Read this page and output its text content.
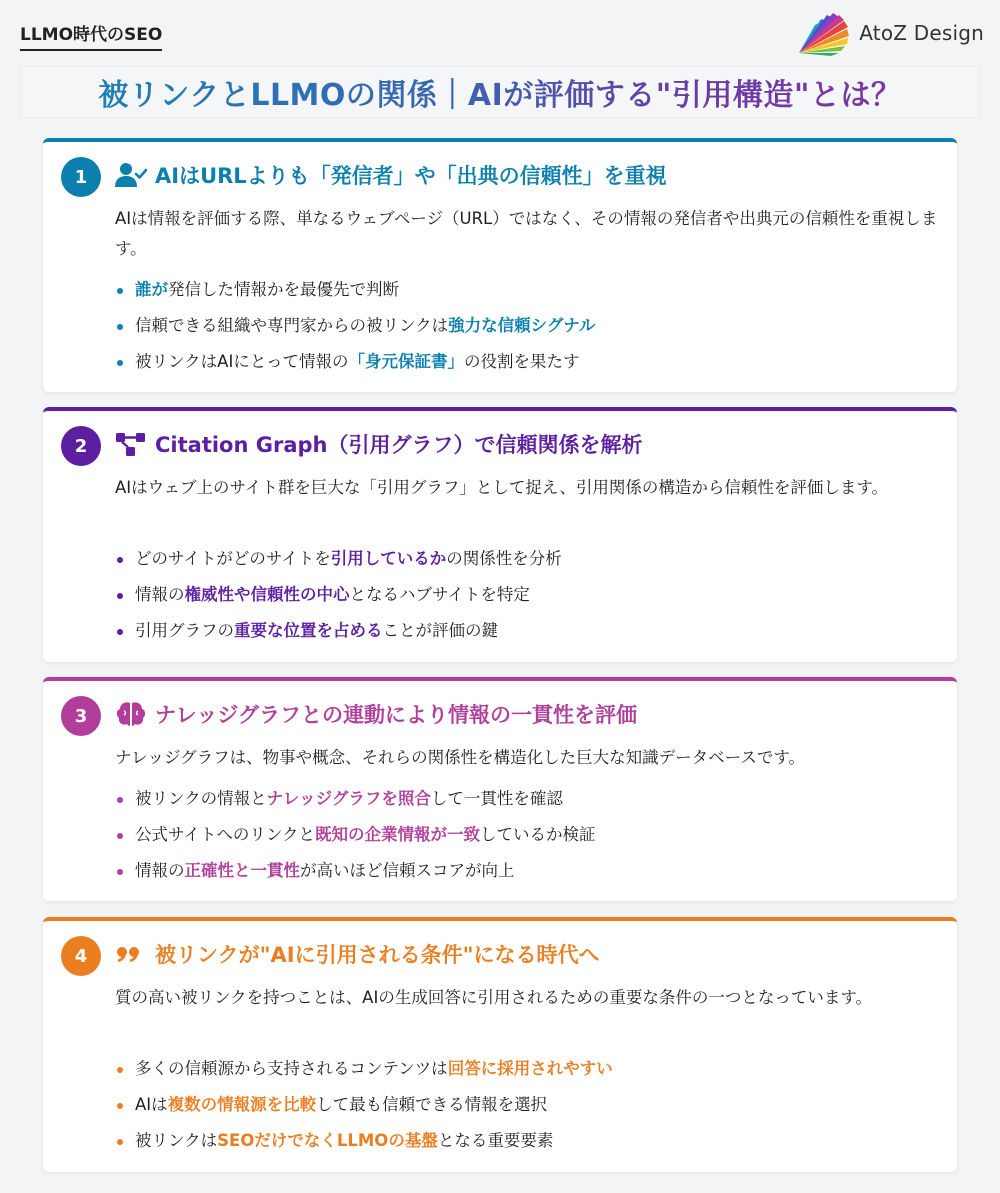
LLMO時代のSEO	AtoZ Design
被リンクとLLMOの関係｜AIが評価する"引用構造"とは？
1	AIはURLよりも「発信者」や「出典の信頼性」を重視
AIは情報を評価する際、単なるウェブページ（URL）ではなく、その情報の発信者や出典元の信頼性を重視します。
誰が発信した情報かを最優先で判断
信頼できる組織や専門家からの被リンクは強力な信頼シグナル
被リンクはAIにとって情報の「身元保証書」の役割を果たす
2	Citation Graph（引用グラフ）で信頼関係を解析
AIはウェブ上のサイト群を巨大な「引用グラフ」として捉え、引用関係の構造から信頼性を評価します。
どのサイトがどのサイトを引用しているかの関係性を分析
情報の権威性や信頼性の中心となるハブサイトを特定
引用グラフの重要な位置を占めることが評価の鍵
3	ナレッジグラフとの連動により情報の一貫性を評価
ナレッジグラフは、物事や概念、それらの関係性を構造化した巨大な知識データベースです。
被リンクの情報とナレッジグラフを照合して一貫性を確認
公式サイトへのリンクと既知の企業情報が一致しているか検証
情報の正確性と一貫性が高いほど信頼スコアが向上
4	被リンクが"AIに引用される条件"になる時代へ
質の高い被リンクを持つことは、AIの生成回答に引用されるための重要な条件の一つとなっています。
多くの信頼源から支持されるコンテンツは回答に採用されやすい
AIは複数の情報源を比較して最も信頼できる情報を選択
被リンクはSEOだけでなくLLMOの基盤となる重要要素
